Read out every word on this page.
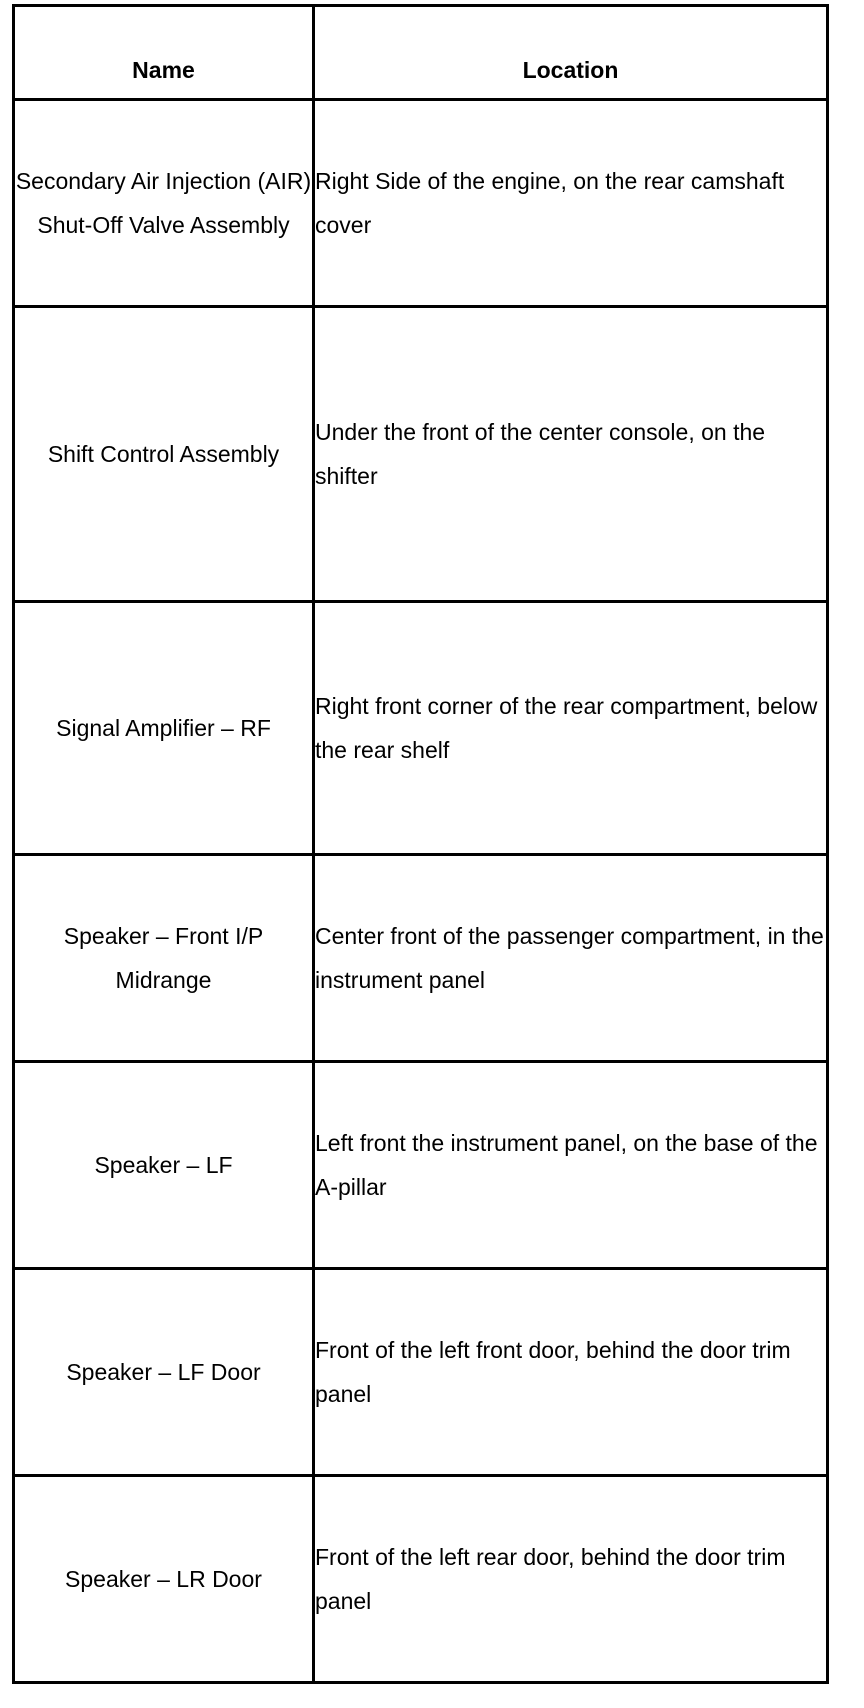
Name	Location
Secondary Air Injection (AIR) Shut-Off Valve Assembly	Right Side of the engine, on the rear camshaft cover
Shift Control Assembly	Under the front of the center console, on the shifter
Signal Amplifier – RF	Right front corner of the rear compartment, below the rear shelf
Speaker – Front I/P Midrange	Center front of the passenger compartment, in the instrument panel
Speaker – LF	Left front the instrument panel, on the base of the A-pillar
Speaker – LF Door	Front of the left front door, behind the door trim panel
Speaker – LR Door	Front of the left rear door, behind the door trim panel
